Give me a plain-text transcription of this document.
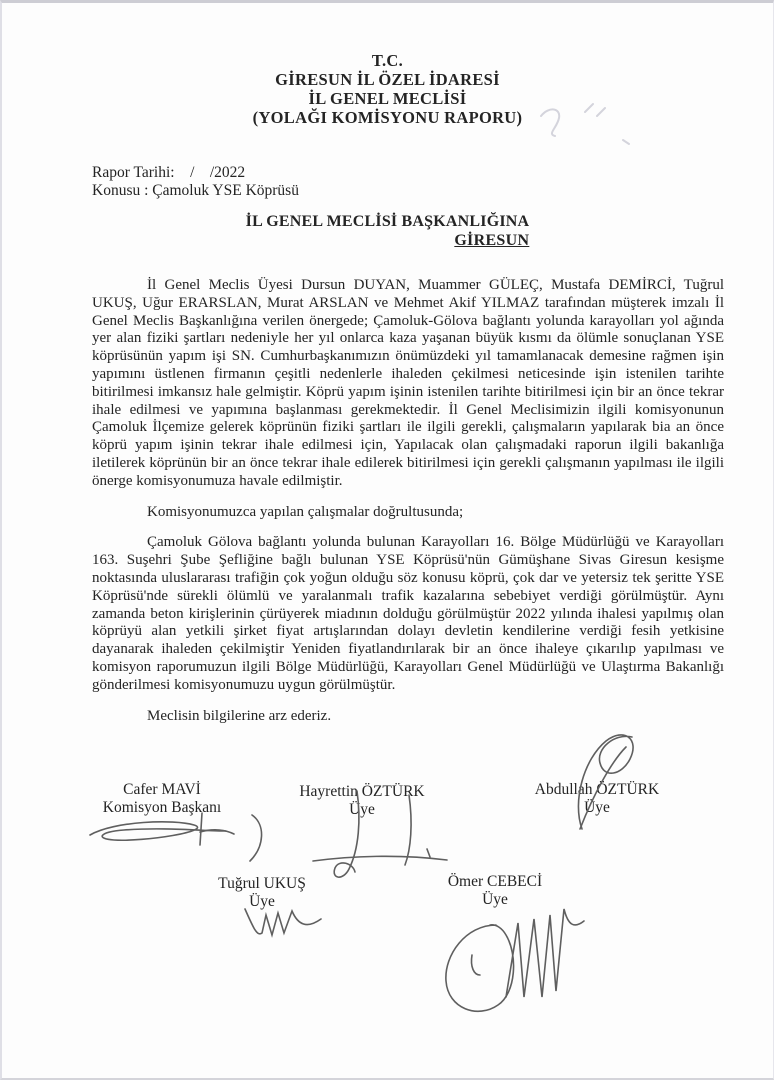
T.C.
GİRESUN İL ÖZEL İDARESİ
İL GENEL MECLİSİ
(YOLAĞI KOMİSYONU RAPORU)
Rapor Tarihi:    /    /2022
Konusu : Çamoluk YSE Köprüsü
İL GENEL MECLİSİ BAŞKANLIĞINA
GİRESUN

İl Genel Meclis Üyesi Dursun DUYAN, Muammer GÜLEÇ, Mustafa DEMİRCİ, Tuğrul UKUŞ, Uğur ERARSLAN, Murat ARSLAN ve Mehmet Akif YILMAZ tarafından müşterek imzalı İl Genel Meclis Başkanlığına verilen önergede; Çamoluk-Gölova bağlantı yolunda karayolları yol ağında yer alan fiziki şartları nedeniyle her yıl onlarca kaza yaşanan büyük kısmı da ölümle sonuçlanan YSE köprüsünün yapım işi SN. Cumhurbaşkanımızın önümüzdeki yıl tamamlanacak demesine rağmen işin yapımını üstlenen firmanın çeşitli nedenlerle ihaleden çekilmesi neticesinde işin istenilen tarihte bitirilmesi imkansız hale gelmiştir. Köprü yapım işinin istenilen tarihte bitirilmesi için bir an önce tekrar ihale edilmesi ve yapımına başlanması gerekmektedir. İl Genel Meclisimizin ilgili komisyonunun Çamoluk İlçemize gelerek köprünün fiziki şartları ile ilgili gerekli, çalışmaların yapılarak bia an önce köprü yapım işinin tekrar ihale edilmesi için, Yapılacak olan çalışmadaki raporun ilgili bakanlığa iletilerek köprünün bir an önce tekrar ihale edilerek bitirilmesi için gerekli çalışmanın yapılması ile ilgili önerge komisyonumuza havale edilmiştir.

Komisyonumuzca yapılan çalışmalar doğrultusunda;

Çamoluk Gölova bağlantı yolunda bulunan Karayolları 16. Bölge Müdürlüğü ve Karayolları 163. Suşehri Şube Şefliğine bağlı bulunan YSE Köprüsü'nün Gümüşhane Sivas Giresun kesişme noktasında uluslararası trafiğin çok yoğun olduğu söz konusu köprü, çok dar ve yetersiz tek şeritte YSE Köprüsü'nde sürekli ölümlü ve yaralanmalı trafik kazalarına sebebiyet verdiği görülmüştür. Aynı zamanda beton kirişlerinin çürüyerek miadının dolduğu görülmüştür 2022 yılında ihalesi yapılmış olan köprüyü alan yetkili şirket fiyat artışlarından dolayı devletin kendilerine verdiği fesih yetkisine dayanarak ihaleden çekilmiştir Yeniden fiyatlandırılarak bir an önce ihaleye çıkarılıp yapılması ve komisyon raporumuzun ilgili Bölge Müdürlüğü, Karayolları Genel Müdürlüğü ve Ulaştırma Bakanlığı gönderilmesi komisyonumuzu uygun görülmüştür.

Meclisin bilgilerine arz ederiz.
Cafer MAVİ
Komisyon Başkanı
Hayrettin ÖZTÜRK
Üye
Abdullah ÖZTÜRK
Üye
Tuğrul UKUŞ
Üye
Ömer CEBECİ
Üye
